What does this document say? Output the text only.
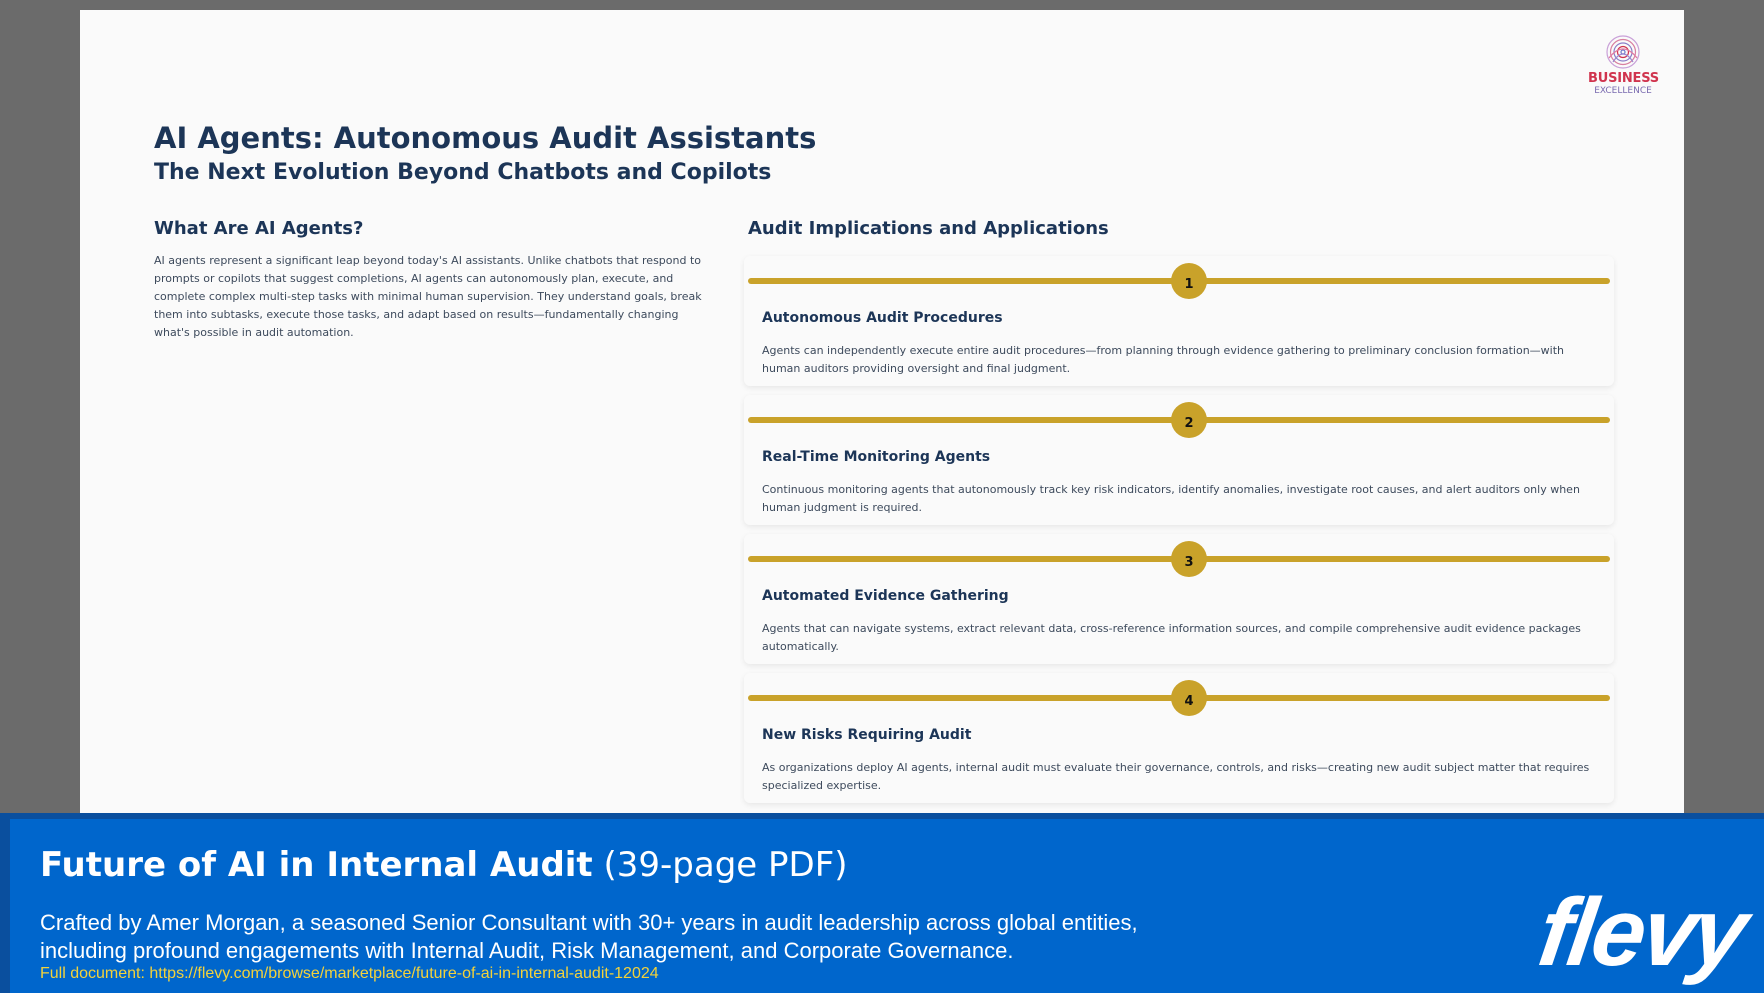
BUSINESS
EXCELLENCE
AI Agents: Autonomous Audit Assistants
The Next Evolution Beyond Chatbots and Copilots
What Are AI Agents?
AI agents represent a significant leap beyond today's AI assistants. Unlike chatbots that respond to prompts or copilots that suggest completions, AI agents can autonomously plan, execute, and complete complex multi-step tasks with minimal human supervision. They understand goals, break them into subtasks, execute those tasks, and adapt based on results—fundamentally changing what's possible in audit automation.
Audit Implications and Applications
1
Autonomous Audit Procedures
Agents can independently execute entire audit procedures—from planning through evidence gathering to preliminary conclusion formation—with human auditors providing oversight and final judgment.
2
Real-Time Monitoring Agents
Continuous monitoring agents that autonomously track key risk indicators, identify anomalies, investigate root causes, and alert auditors only when human judgment is required.
3
Automated Evidence Gathering
Agents that can navigate systems, extract relevant data, cross-reference information sources, and compile comprehensive audit evidence packages automatically.
4
New Risks Requiring Audit
As organizations deploy AI agents, internal audit must evaluate their governance, controls, and risks—creating new audit subject matter that requires specialized expertise.
Future of AI in Internal Audit (39-page PDF)
Crafted by Amer Morgan, a seasoned Senior Consultant with 30+ years in audit leadership across global entities, including profound engagements with Internal Audit, Risk Management, and Corporate Governance.
Full document: https://flevy.com/browse/marketplace/future-of-ai-in-internal-audit-12024	flevy
